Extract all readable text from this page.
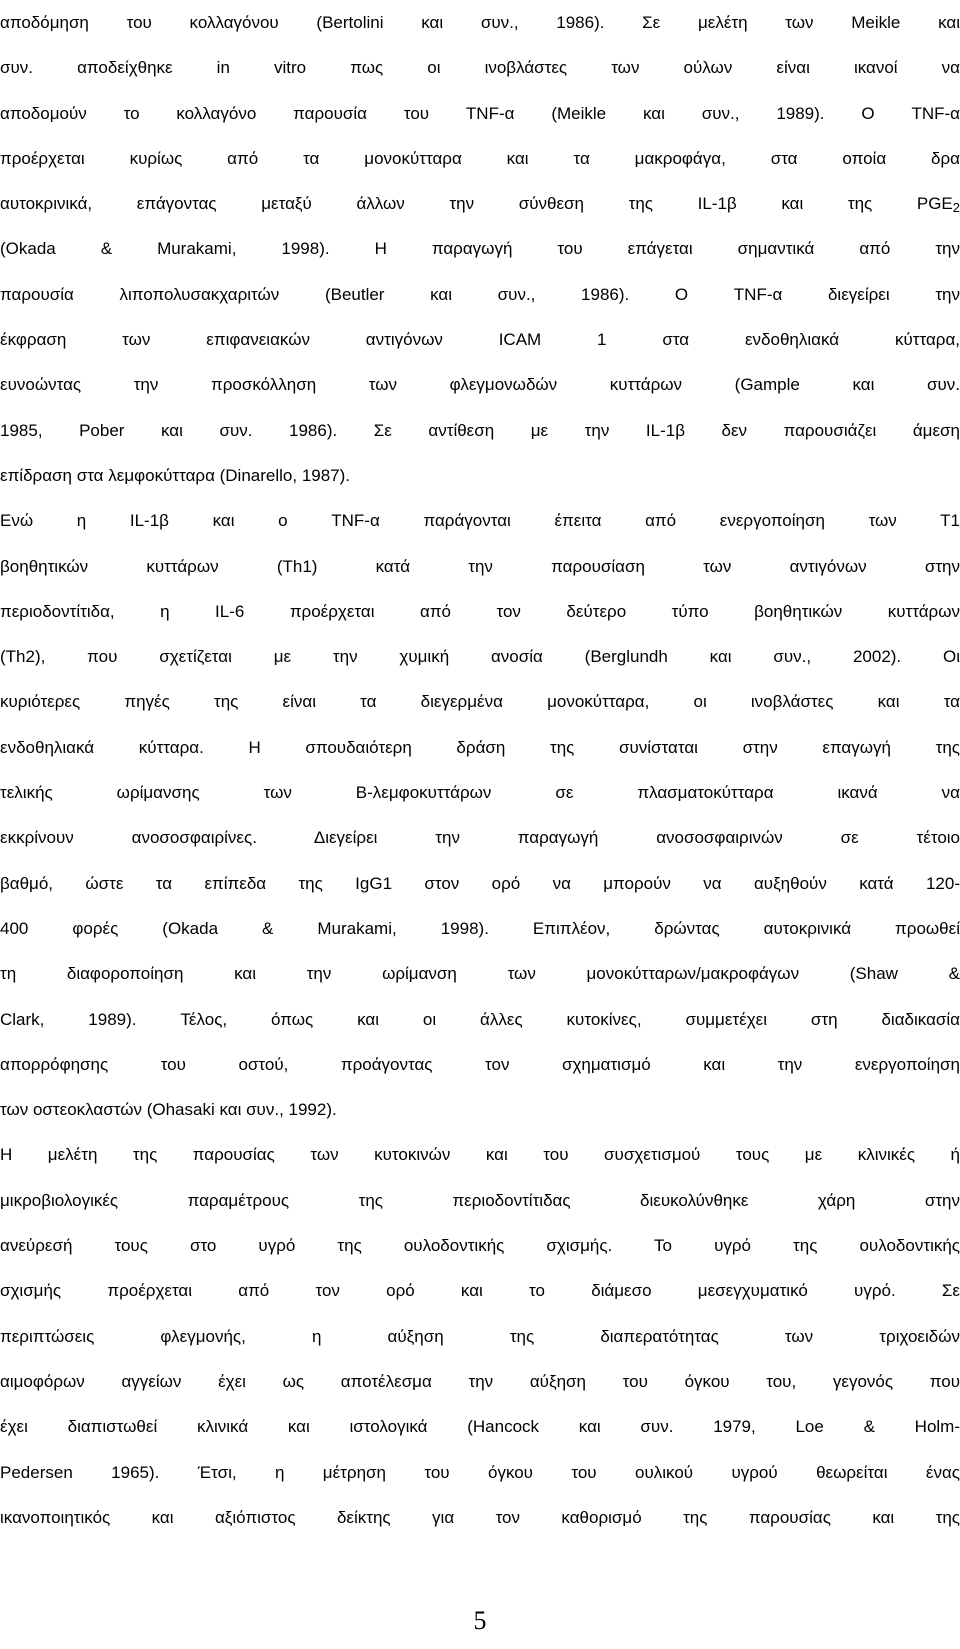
αποδόμηση του κολλαγόνου (Bertolini και συν., 1986). Σε μελέτη των Meikle και
συν. αποδείχθηκε in vitro πως οι ινοβλάστες των ούλων είναι ικανοί να
αποδομούν το κολλαγόνο παρουσία του TNF-α (Meikle και συν., 1989). Ο TNF-α
προέρχεται κυρίως από τα μονοκύτταρα και τα μακροφάγα, στα οποία δρα
αυτοκρινικά, επάγοντας μεταξύ άλλων την σύνθεση της IL-1β και της $PGE_2$
(Okada & Murakami, 1998). Η παραγωγή του επάγεται σημαντικά από την
παρουσία λιποπολυσακχαριτών (Beutler και συν., 1986). Ο TNF-α διεγείρει την
έκφραση των επιφανειακών αντιγόνων ICAM 1 στα ενδοθηλιακά κύτταρα,
ευνοώντας την προσκόλληση των φλεγμονωδών κυττάρων (Gample και συν.
1985, Pober και συν. 1986). Σε αντίθεση με την IL-1β δεν παρουσιάζει άμεση
επίδραση στα λεμφοκύτταρα (Dinarello, 1987).
Ενώ η IL-1β και ο TNF-α παράγονται έπειτα από ενεργοποίηση των Τ1
βοηθητικών κυττάρων (Th1) κατά την παρουσίαση των αντιγόνων στην
περιοδοντίτιδα, η IL-6 προέρχεται από τον δεύτερο τύπο βοηθητικών κυττάρων
(Th2), που σχετίζεται με την χυμική ανοσία (Berglundh και συν., 2002). Οι
κυριότερες πηγές της είναι τα διεγερμένα μονοκύτταρα, οι ινοβλάστες και τα
ενδοθηλιακά κύτταρα. Η σπουδαιότερη δράση της συνίσταται στην επαγωγή της
τελικής ωρίμανσης των Β-λεμφοκυττάρων σε πλασματοκύτταρα ικανά να
εκκρίνουν ανοσοσφαιρίνες. Διεγείρει την παραγωγή ανοσοσφαιρινών σε τέτοιο
βαθμό, ώστε τα επίπεδα της IgG1 στον ορό να μπορούν να αυξηθούν κατά 120-
400 φορές (Okada & Murakami, 1998). Επιπλέον, δρώντας αυτοκρινικά προωθεί
τη διαφοροποίηση και την ωρίμανση των μονοκύτταρων/μακροφάγων (Shaw &
Clark, 1989). Τέλος, όπως και οι άλλες κυτοκίνες, συμμετέχει στη διαδικασία
απορρόφησης του οστού, προάγοντας τον σχηματισμό και την ενεργοποίηση
των οστεοκλαστών (Ohasaki και συν., 1992).
Η μελέτη της παρουσίας των κυτοκινών και του συσχετισμού τους με κλινικές ή
μικροβιολογικές παραμέτρους της περιοδοντίτιδας διευκολύνθηκε χάρη στην
ανεύρεσή τους στο υγρό της ουλοδοντικής σχισμής. Το υγρό της ουλοδοντικής
σχισμής προέρχεται από τον ορό και το διάμεσο μεσεγχυματικό υγρό. Σε
περιπτώσεις φλεγμονής, η αύξηση της διαπερατότητας των τριχοειδών
αιμοφόρων αγγείων έχει ως αποτέλεσμα την αύξηση του όγκου του, γεγονός που
έχει διαπιστωθεί κλινικά και ιστολογικά (Hancock και συν. 1979, Loe & Holm-
Pedersen 1965). Έτσι, η μέτρηση του όγκου του ουλικού υγρού θεωρείται ένας
ικανοποιητικός και αξιόπιστος δείκτης για τον καθορισμό της παρουσίας και της
5
